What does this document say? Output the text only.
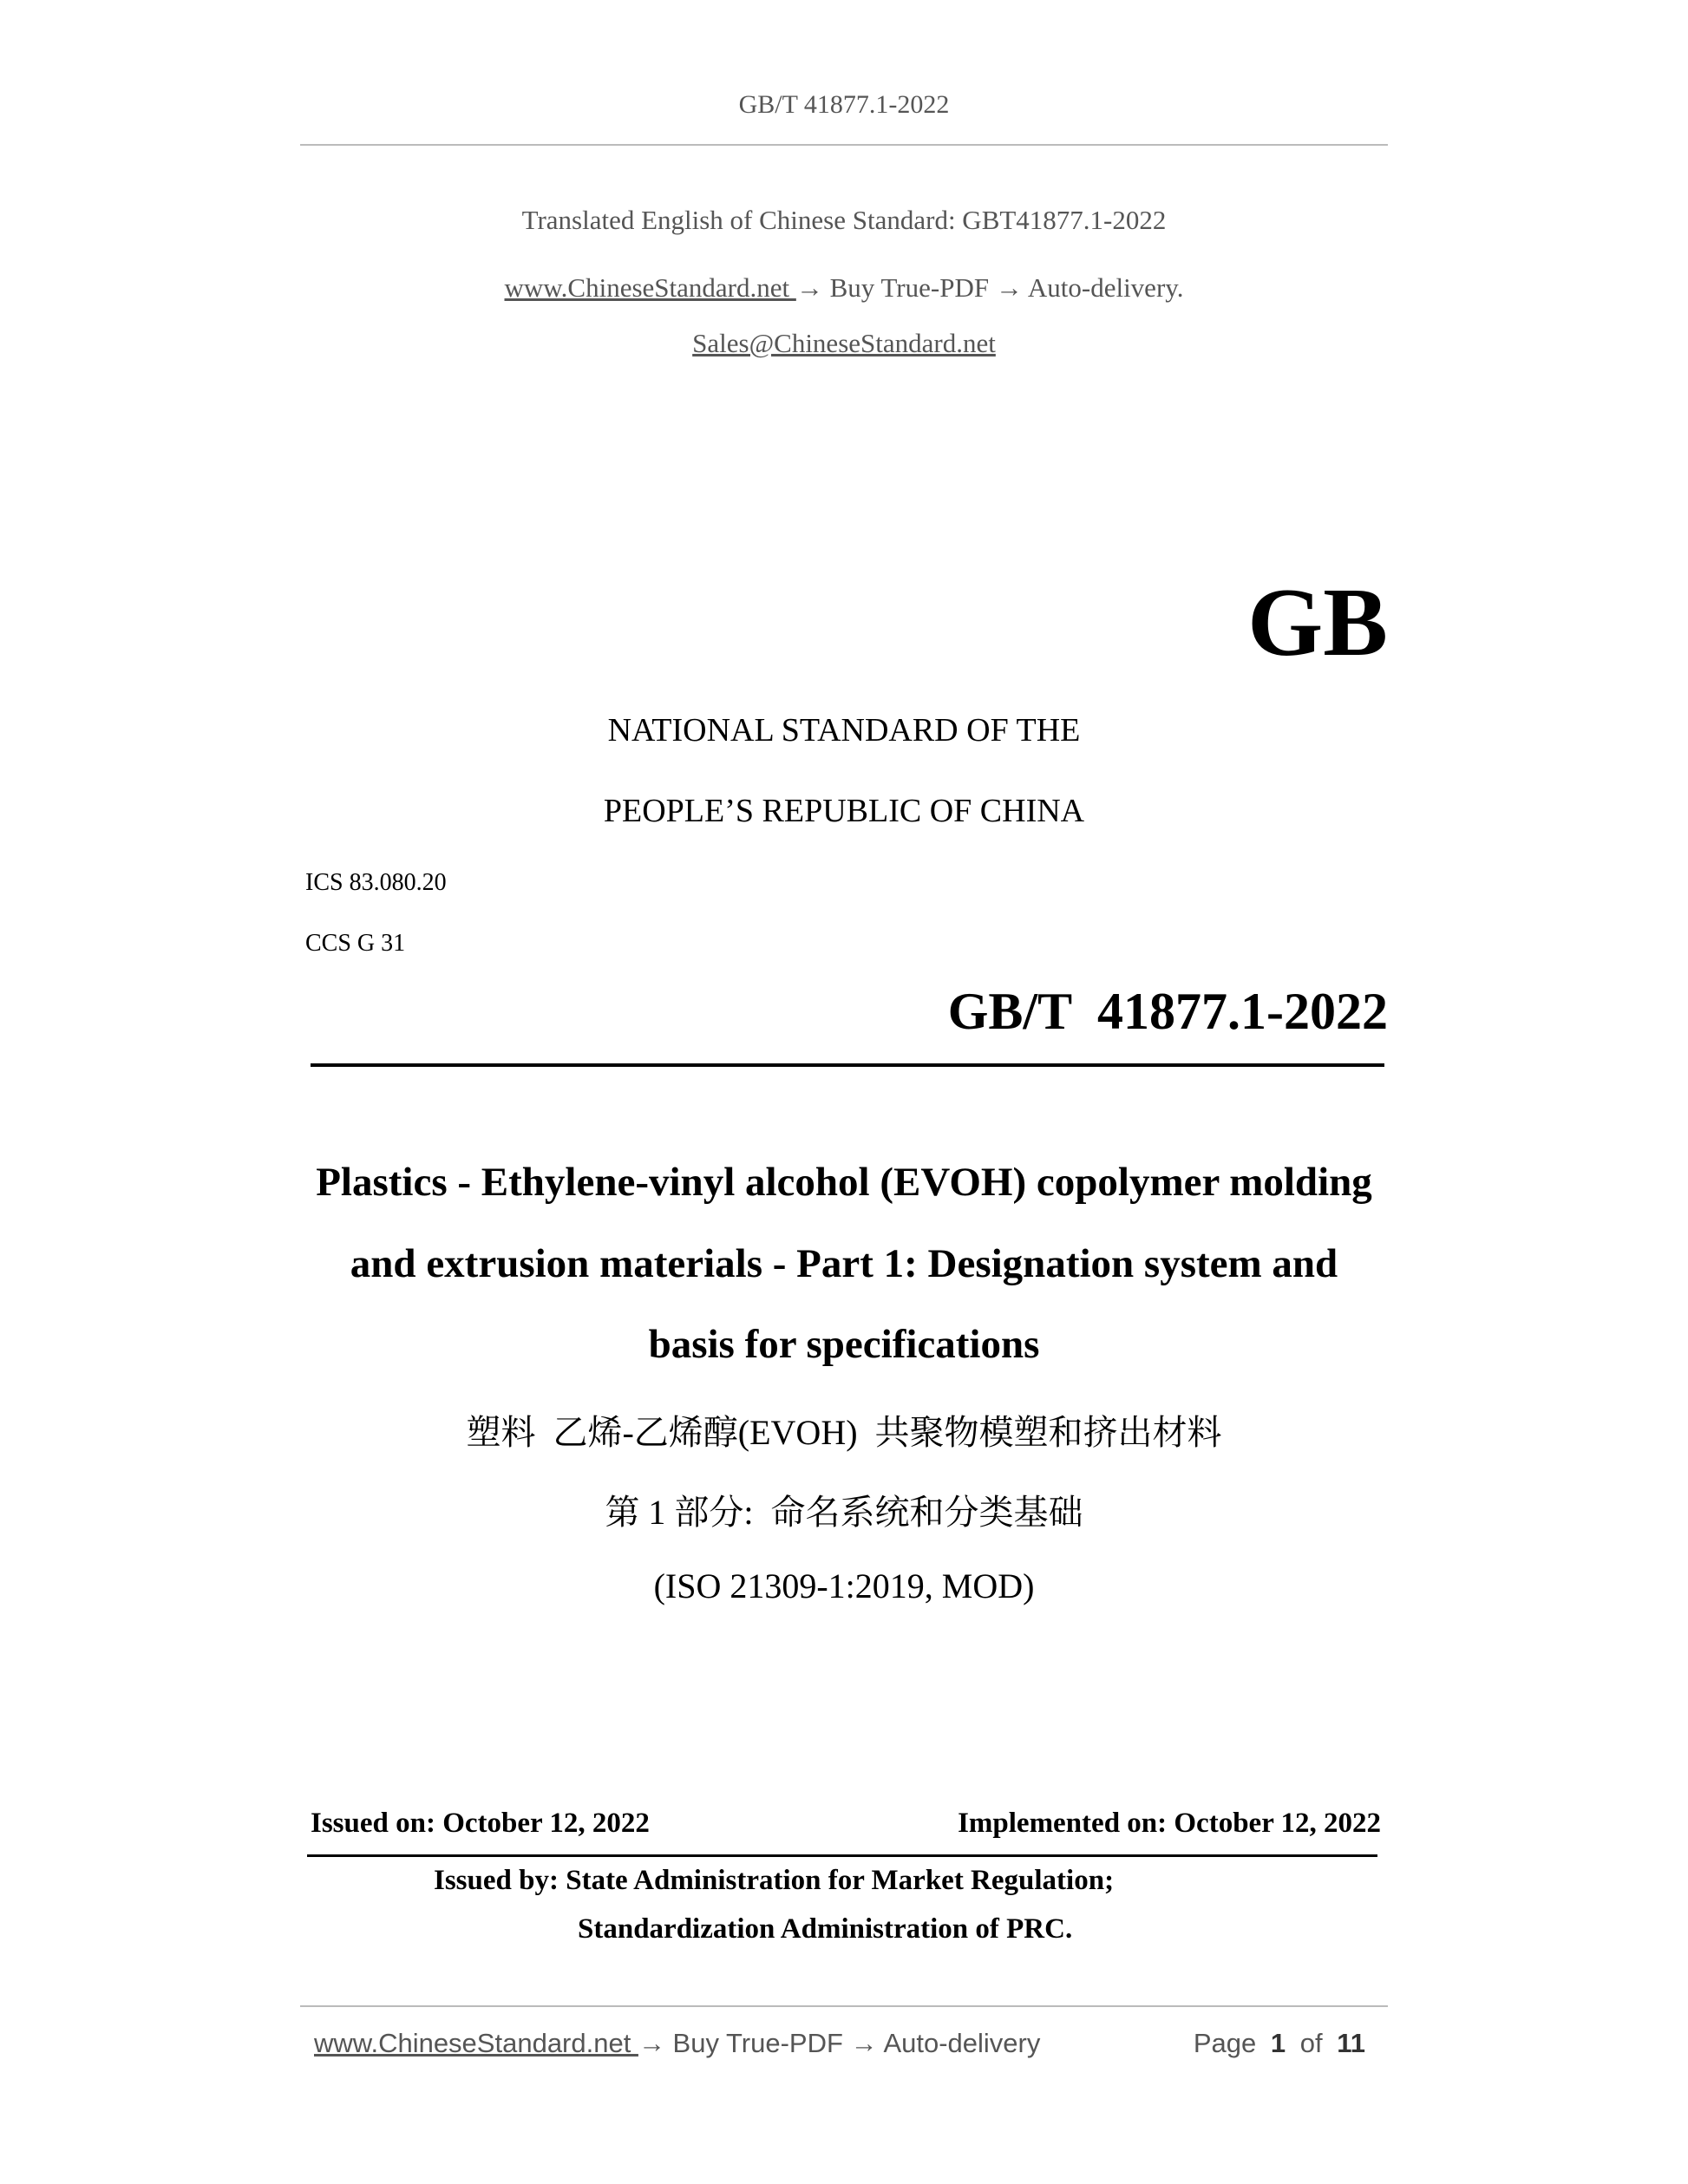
GB/T 41877.1-2022
Translated English of Chinese Standard: GBT41877.1-2022
www.ChineseStandard.net → Buy True-PDF → Auto-delivery.
Sales@ChineseStandard.net
GB
NATIONAL STANDARD OF THE
PEOPLE’S REPUBLIC OF CHINA
ICS 83.080.20
CCS G 31
GB/T  41877.1-2022
Plastics - Ethylene-vinyl alcohol (EVOH) copolymer molding
and extrusion materials - Part 1: Designation system and
basis for specifications
塑料  乙烯-乙烯醇(EVOH)  共聚物模塑和挤出材料
第 1 部分:  命名系统和分类基础
(ISO 21309-1:2019, MOD)
Issued on: October 12, 2022	Implemented on: October 12, 2022
Issued by: State Administration for Market Regulation;
Standardization Administration of PRC.
www.ChineseStandard.net → Buy True-PDF → Auto-delivery	Page 1 of 11
